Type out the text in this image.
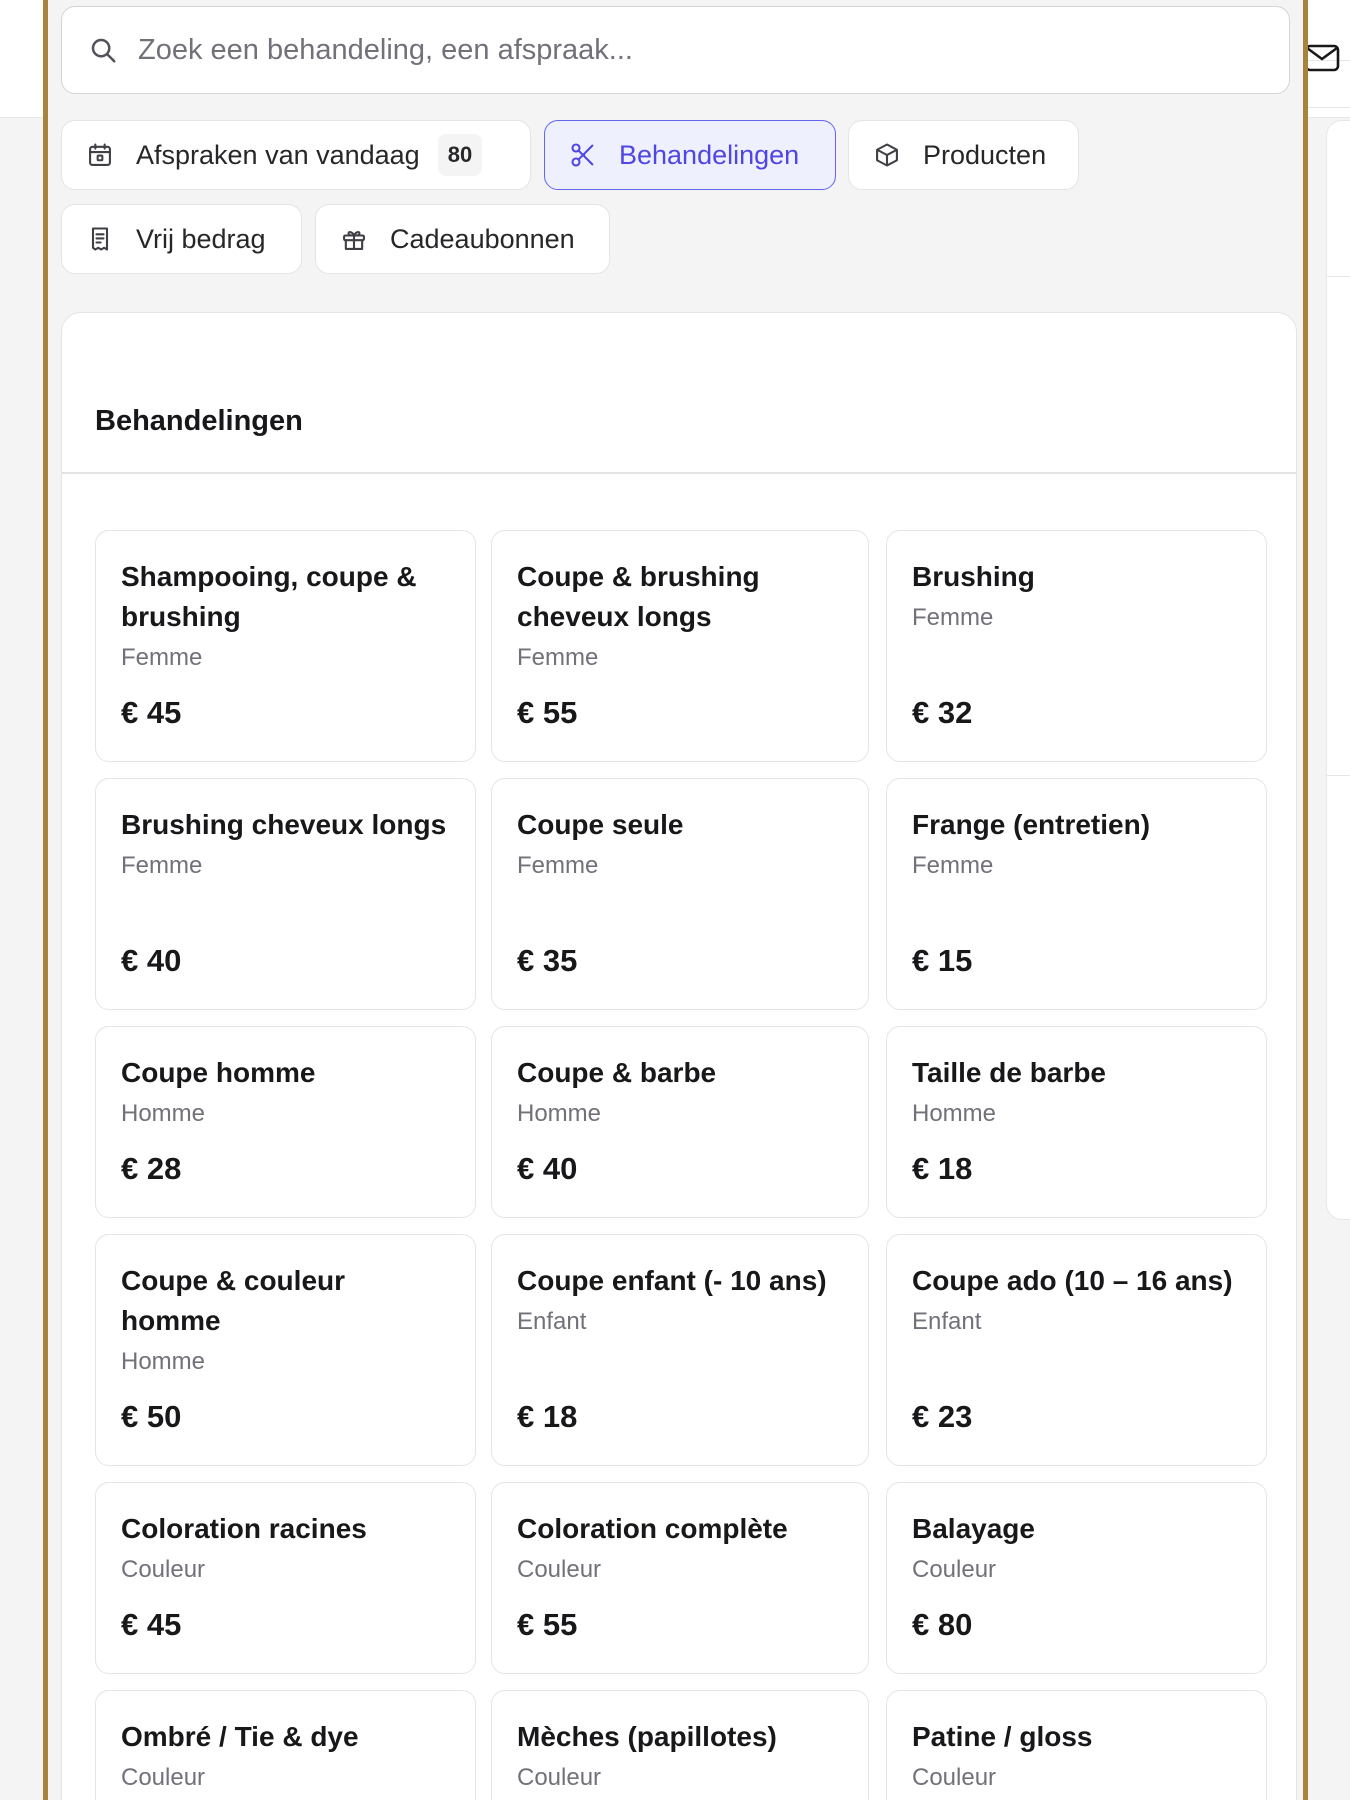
Zoek een behandeling, een afspraak...
Afspraken van vandaag	80	Behandelingen	Producten
Vrij bedrag	Cadeaubonnen
Behandelingen
Shampooing, coupe & brushing
Femme
€ 45
Coupe & brushing cheveux longs
Femme
€ 55
Brushing
Femme
€ 32
Brushing cheveux longs
Femme
€ 40
Coupe seule
Femme
€ 35
Frange (entretien)
Femme
€ 15
Coupe homme
Homme
€ 28
Coupe & barbe
Homme
€ 40
Taille de barbe
Homme
€ 18
Coupe & couleur homme
Homme
€ 50
Coupe enfant (- 10 ans)
Enfant
€ 18
Coupe ado (10 – 16 ans)
Enfant
€ 23
Coloration racines
Couleur
€ 45
Coloration complète
Couleur
€ 55
Balayage
Couleur
€ 80
Ombré / Tie & dye
Couleur
Mèches (papillotes)
Couleur
Patine / gloss
Couleur
